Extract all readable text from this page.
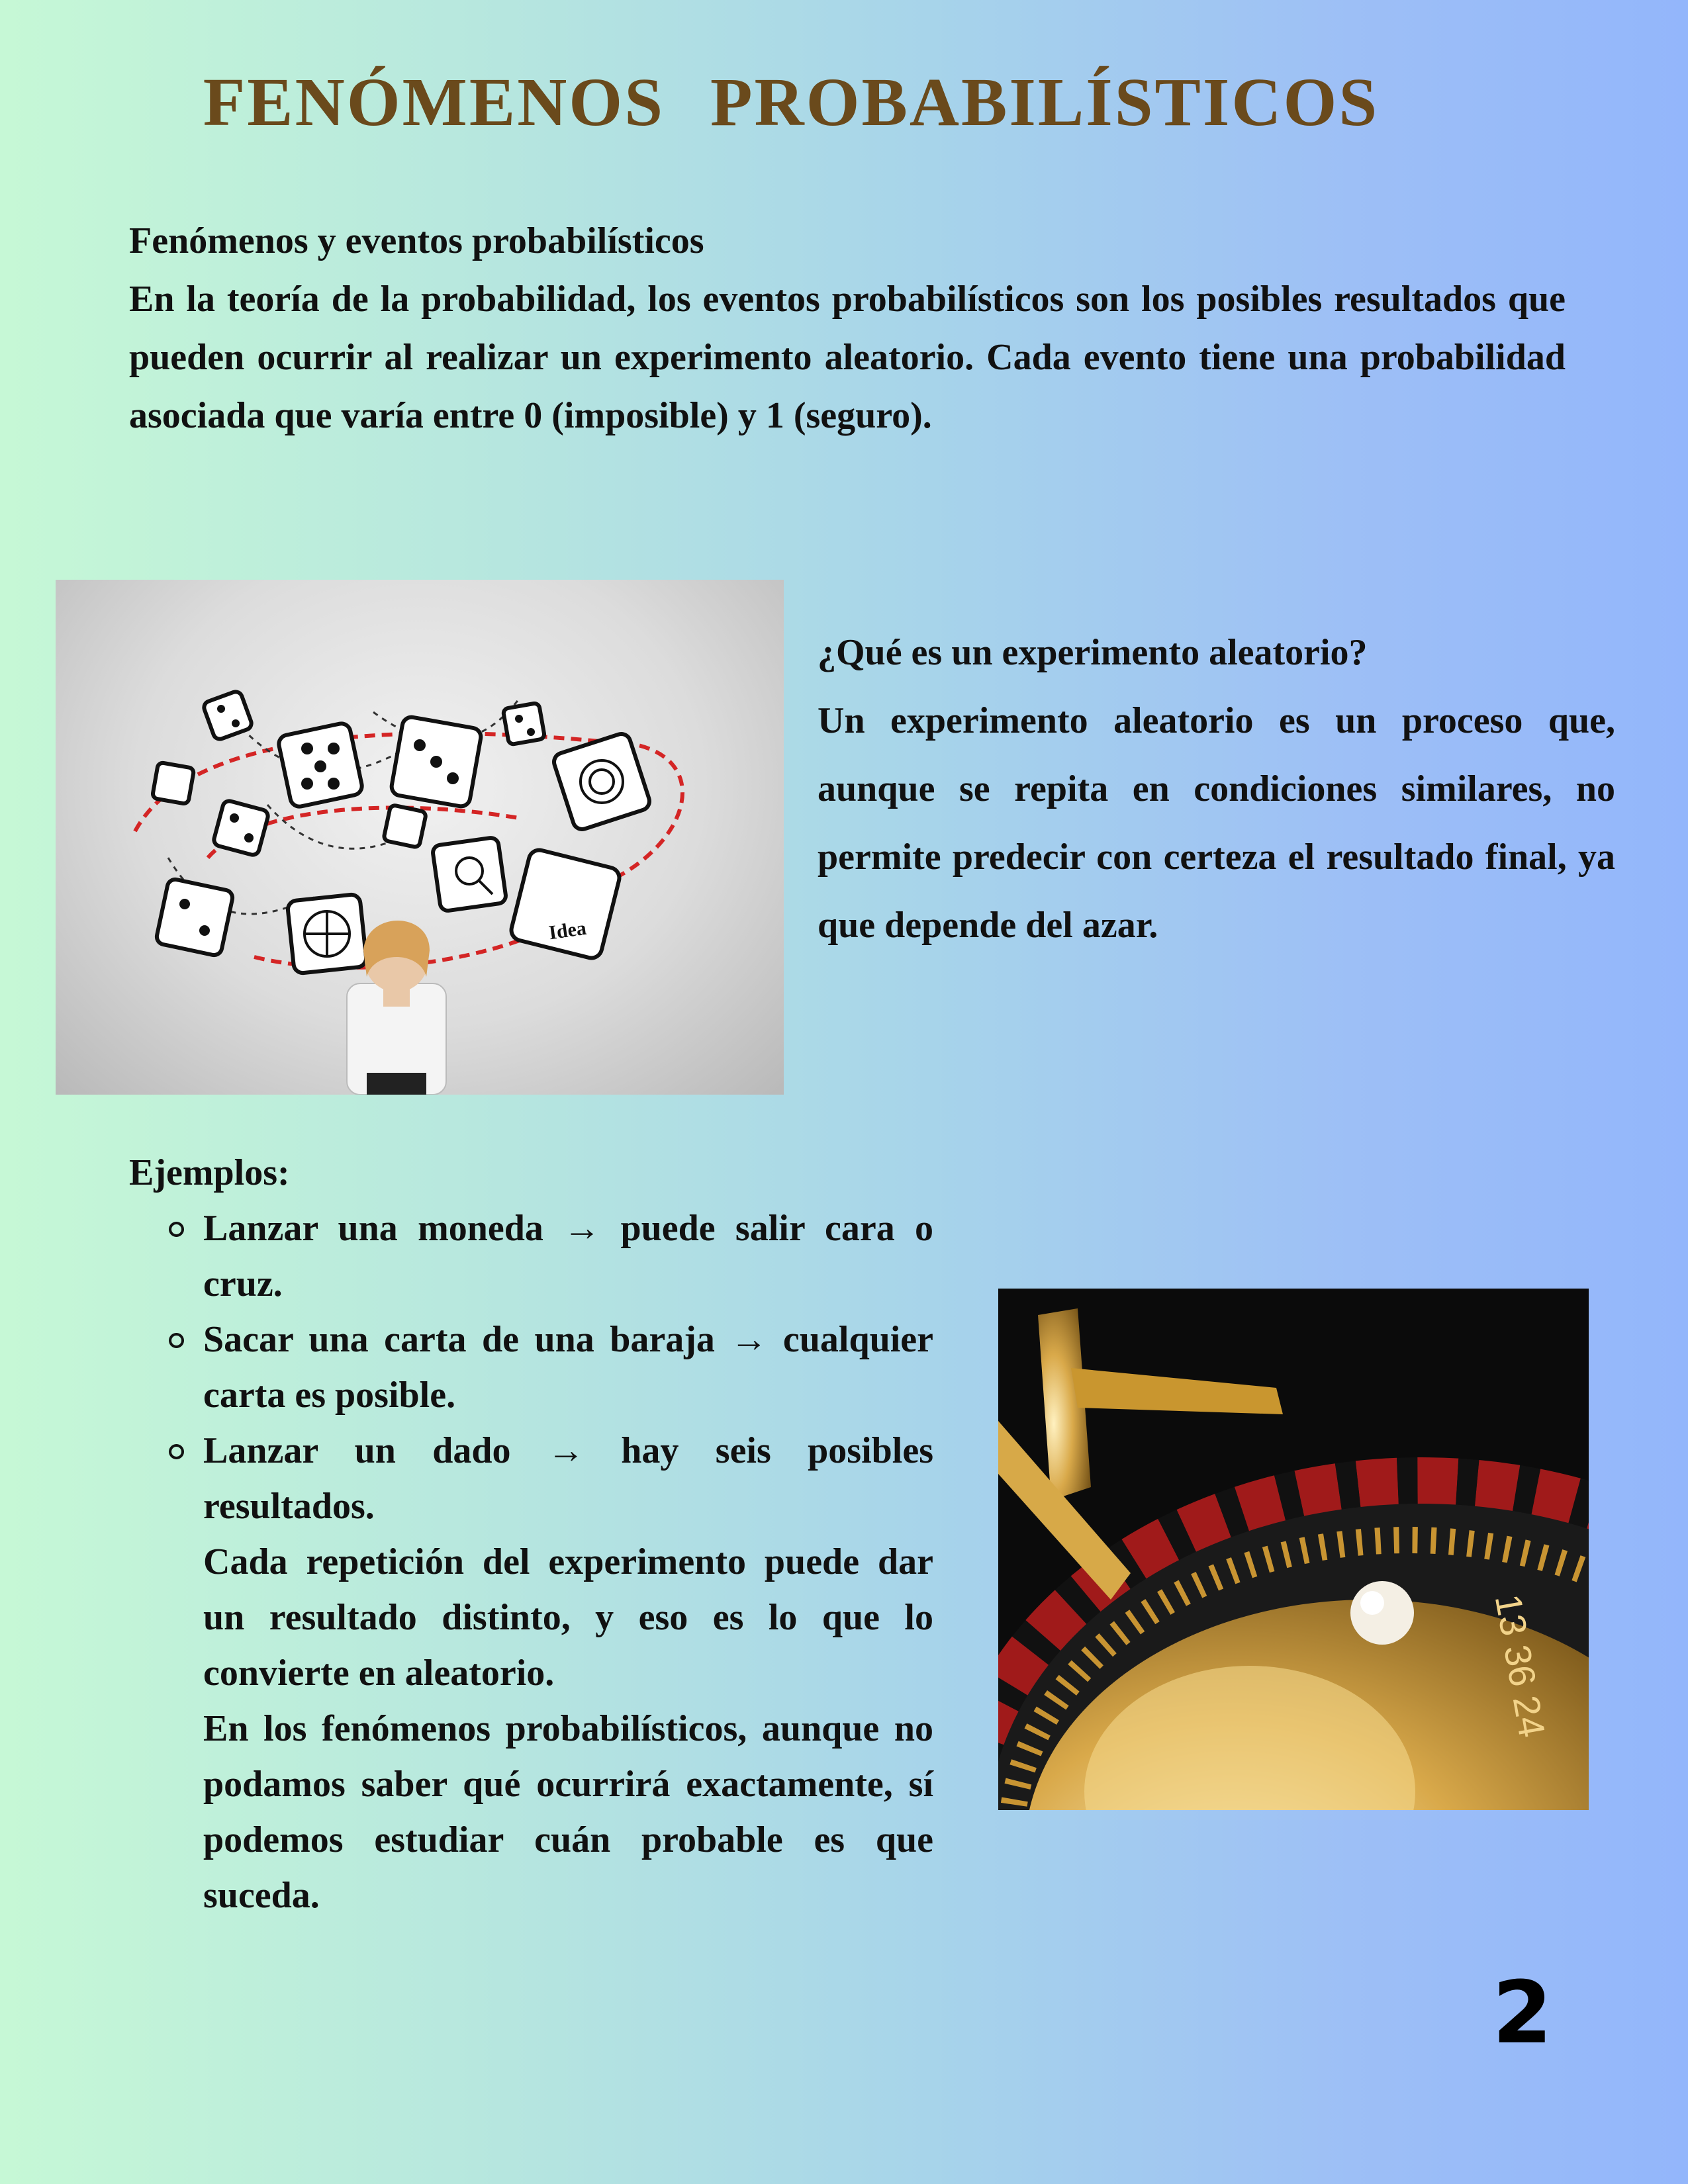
FENÓMENOS PROBABILÍSTICOS
Fenómenos y eventos probabilísticos
En la teoría de la probabilidad, los eventos probabilísticos son los posibles resultados que pueden ocurrir al realizar un experimento aleatorio. Cada evento tiene una probabilidad asociada que varía entre 0 (imposible) y 1 (seguro).
Idea
¿Qué es un experimento aleatorio?
Un experimento aleatorio es un proceso que, aunque se repita en condiciones similares, no permite predecir con certeza el resultado final, ya que depende del azar.
Ejemplos:
Lanzar una moneda → puede salir cara o cruz.
Sacar una carta de una baraja → cualquier carta es posible.
Lanzar un dado → hay seis posibles resultados.
Cada repetición del experimento puede dar un resultado distinto, y eso es lo que lo convierte en aleatorio.
En los fenómenos probabilísticos, aunque no podamos saber qué ocurrirá exactamente, sí podemos estudiar cuán probable es que suceda.
13 36 24
2
